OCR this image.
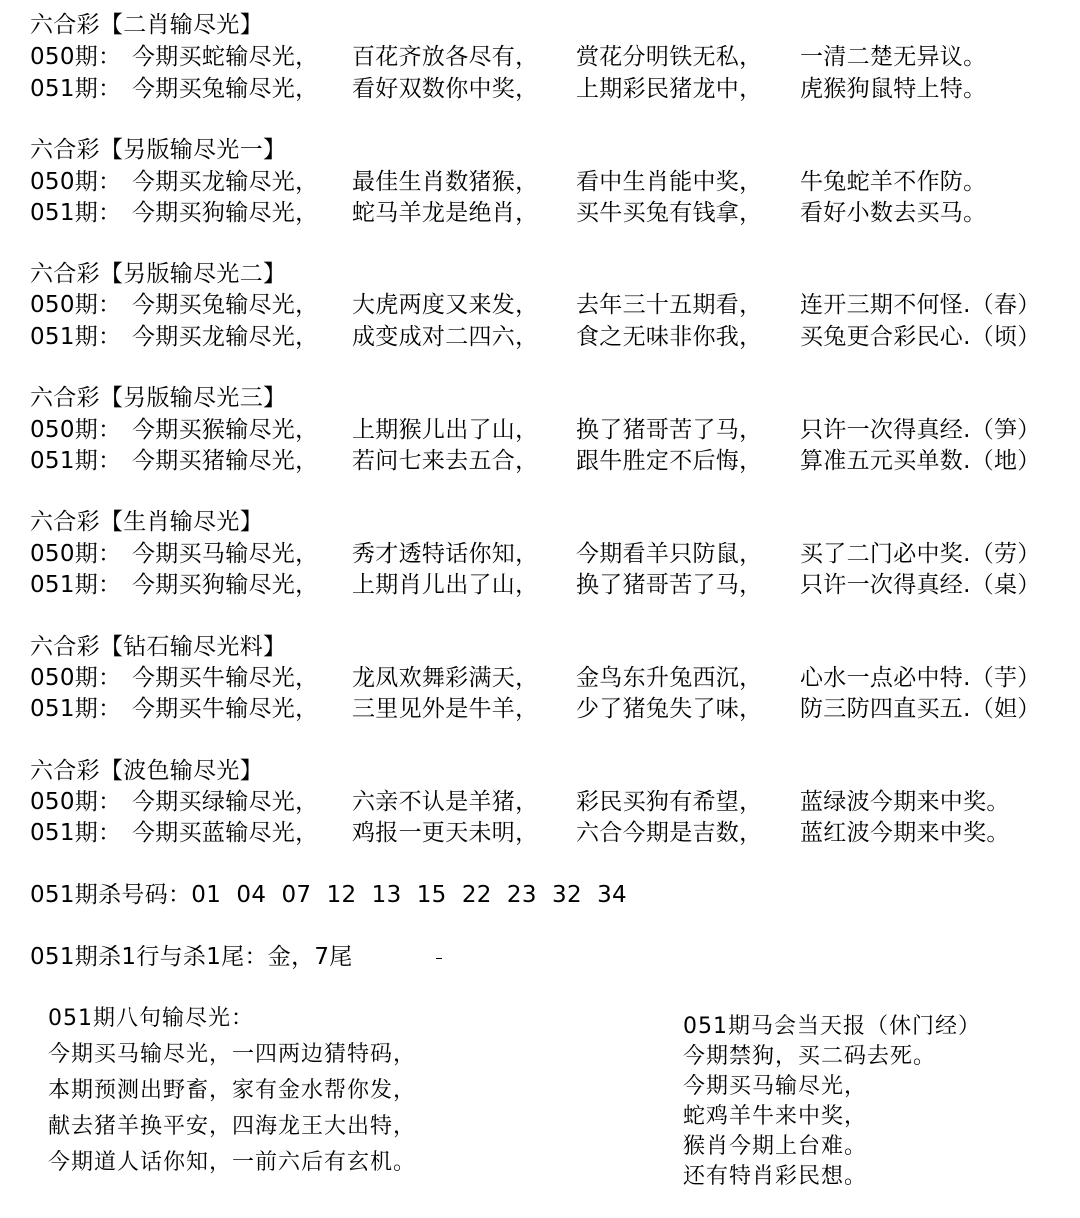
六合彩【二肖输尽光】
050期： 今期买蛇输尽光， 百花齐放各尽有， 赏花分明铁无私， 一清二楚无异议。
051期： 今期买兔输尽光， 看好双数你中奖， 上期彩民猪龙中， 虎猴狗鼠特上特。
六合彩【另版输尽光一】
050期： 今期买龙输尽光， 最佳生肖数猪猴， 看中生肖能中奖， 牛兔蛇羊不作防。
051期： 今期买狗输尽光， 蛇马羊龙是绝肖， 买牛买兔有钱拿， 看好小数去买马。
六合彩【另版输尽光二】
050期： 今期买兔输尽光， 大虎两度又来发， 去年三十五期看， 连开三期不何怪.（春）
051期： 今期买龙输尽光， 成变成对二四六， 食之无味非你我， 买兔更合彩民心.（顷）
六合彩【另版输尽光三】
050期： 今期买猴输尽光， 上期猴儿出了山， 换了猪哥苦了马， 只许一次得真经.（笋）
051期： 今期买猪输尽光， 若问七来去五合， 跟牛胜定不后悔， 算准五元买单数.（地）
六合彩【生肖输尽光】
050期： 今期买马输尽光， 秀才透特话你知， 今期看羊只防鼠， 买了二门必中奖.（劳）
051期： 今期买狗输尽光， 上期肖儿出了山， 换了猪哥苦了马， 只许一次得真经.（桌）
六合彩【钻石输尽光料】
050期： 今期买牛输尽光， 龙凤欢舞彩满天， 金鸟东升兔西沉， 心水一点必中特.（芋）
051期： 今期买牛输尽光， 三里见外是牛羊， 少了猪兔失了味， 防三防四直买五.（妲）
六合彩【波色输尽光】
050期： 今期买绿输尽光， 六亲不认是羊猪， 彩民买狗有希望， 蓝绿波今期来中奖。
051期： 今期买蓝输尽光， 鸡报一更天未明， 六合今期是吉数， 蓝红波今期来中奖。
051期杀号码：01  04  07  12  13  15  22  23  32  34
051期杀1行与杀1尾：金，7尾
051期八句输尽光：
今期买马输尽光，一四两边猜特码，
本期预测出野畜，家有金水帮你发，
献去猪羊换平安，四海龙王大出特，
今期道人话你知，一前六后有玄机。
051期马会当天报（休门经）
今期禁狗，买二码去死。
今期买马输尽光，
蛇鸡羊牛来中奖，
猴肖今期上台难。
还有特肖彩民想。
